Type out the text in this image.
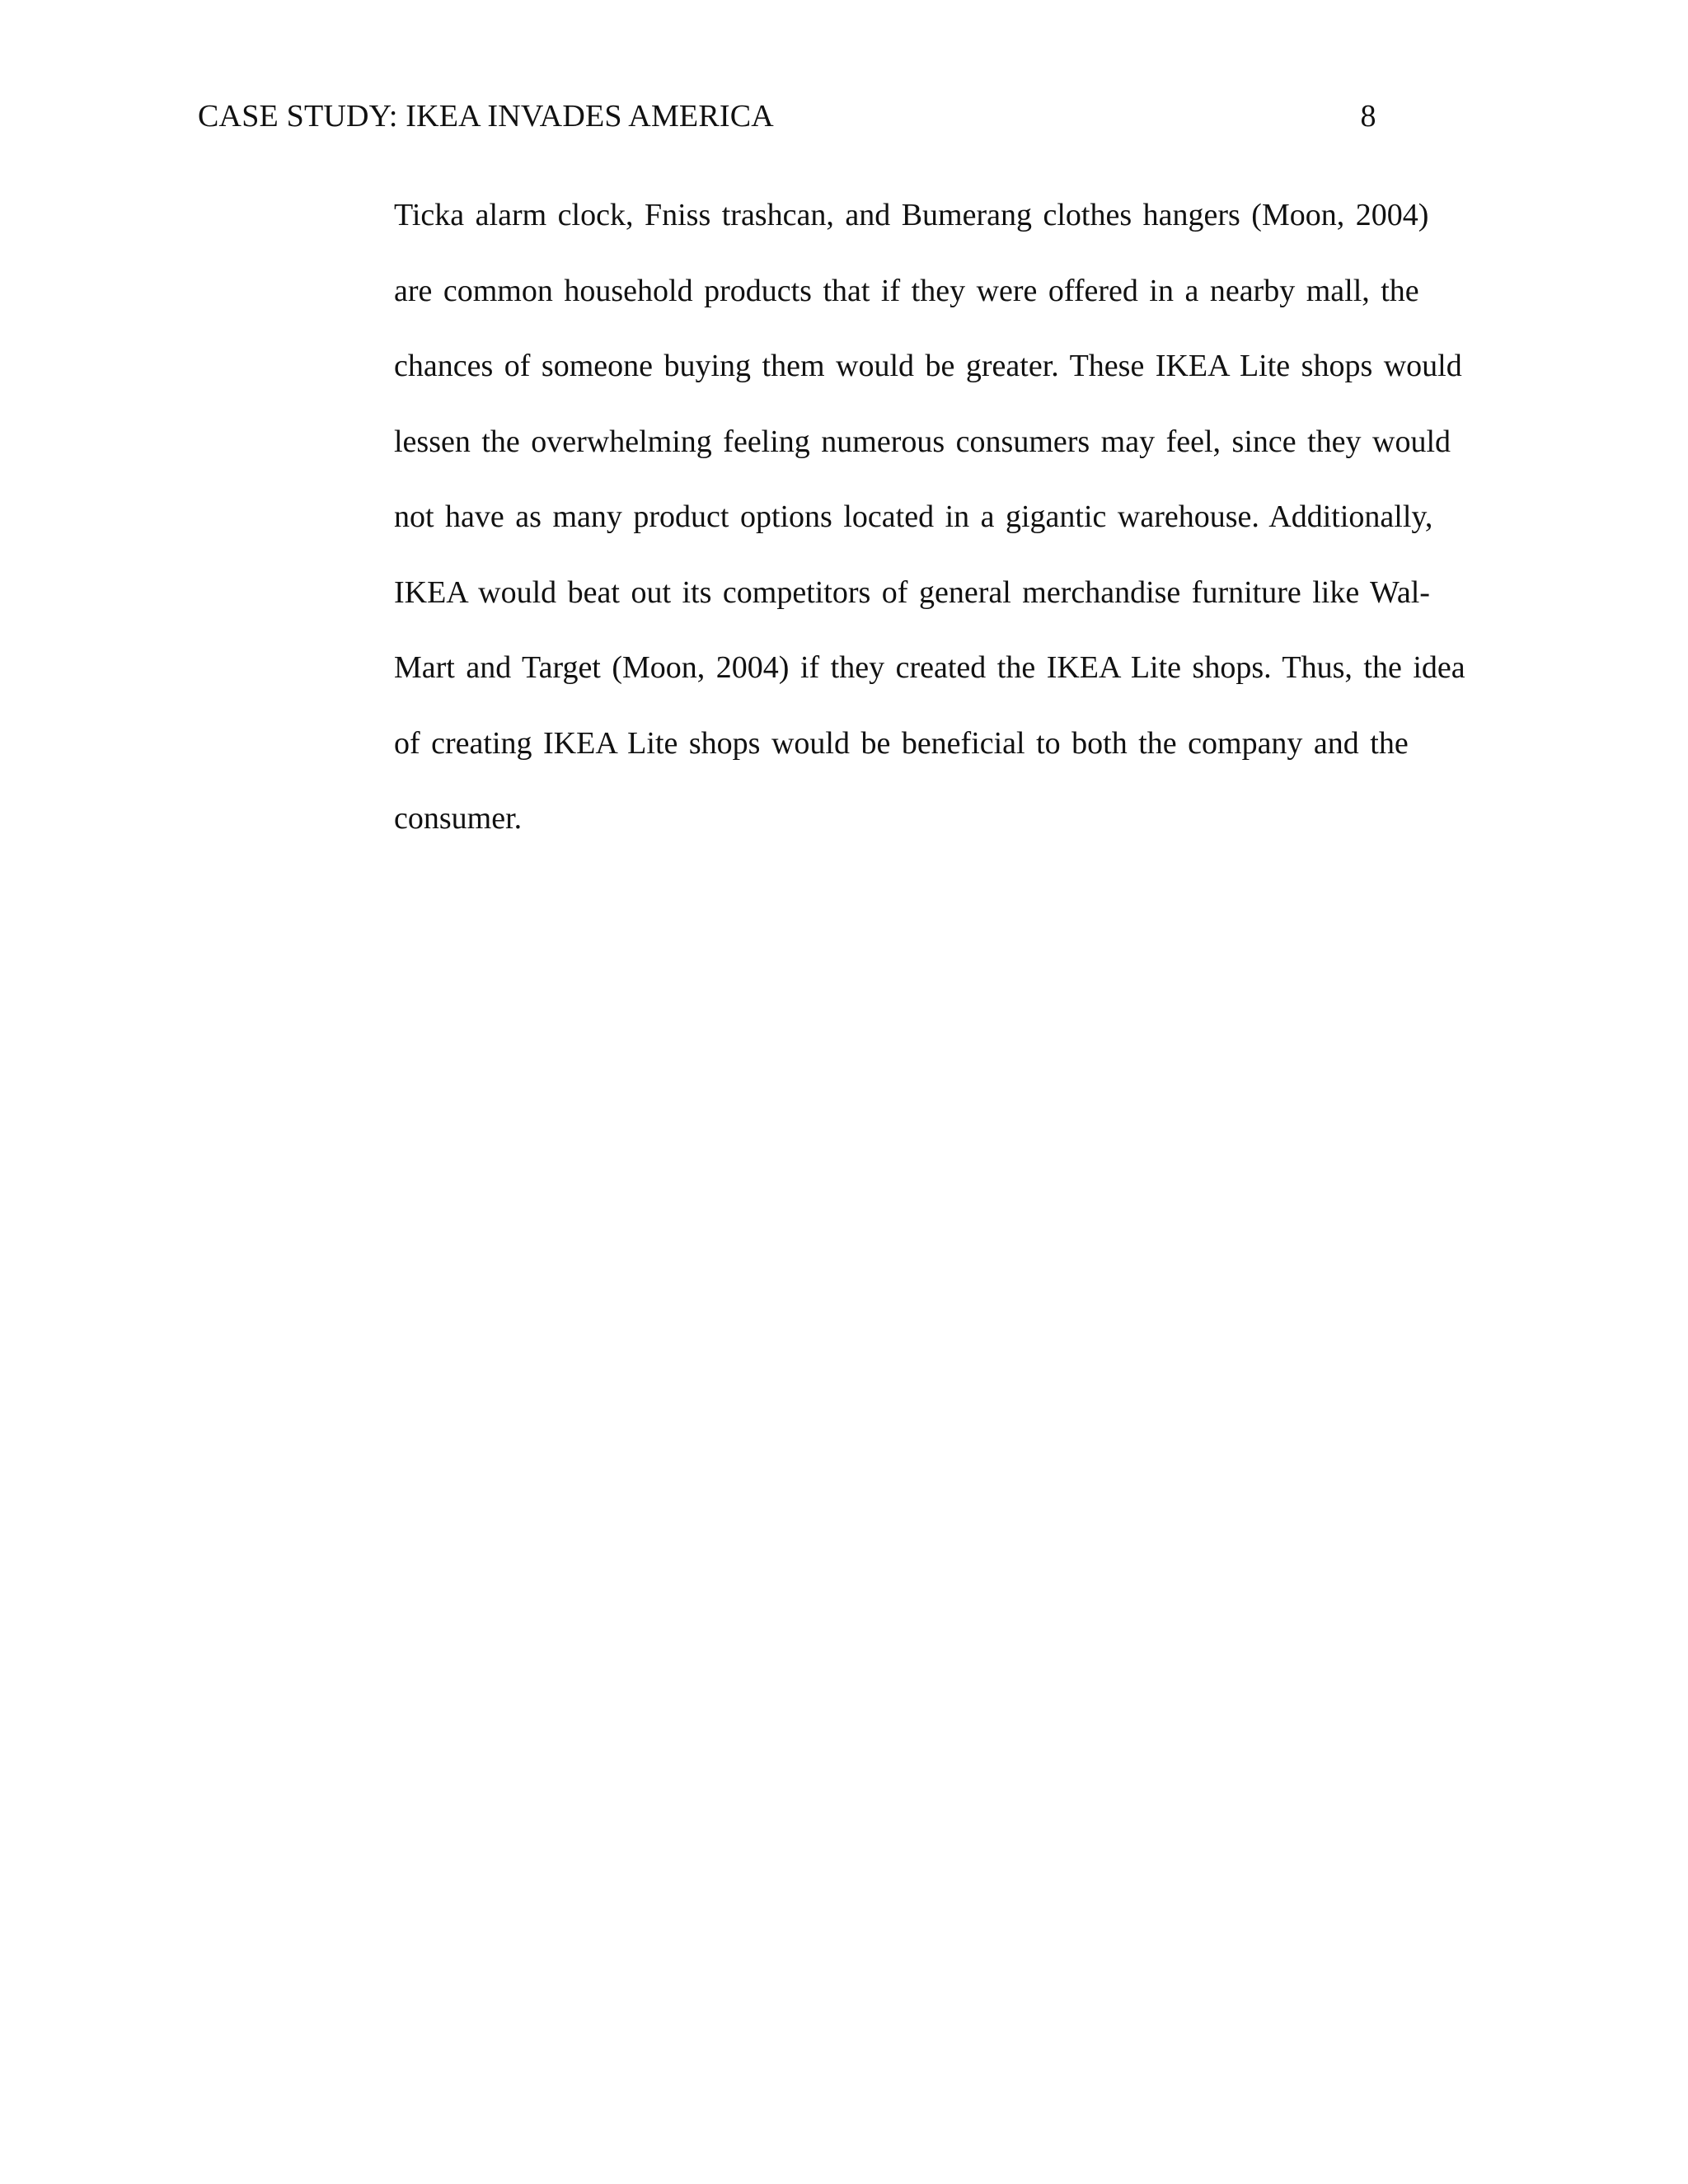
CASE STUDY: IKEA INVADES AMERICA	8
Ticka alarm clock, Fniss trashcan, and Bumerang clothes hangers (Moon, 2004)
are common household products that if they were offered in a nearby mall, the
chances of someone buying them would be greater. These IKEA Lite shops would
lessen the overwhelming feeling numerous consumers may feel, since they would
not have as many product options located in a gigantic warehouse. Additionally,
IKEA would beat out its competitors of general merchandise furniture like Wal-
Mart and Target (Moon, 2004) if they created the IKEA Lite shops. Thus, the idea
of creating IKEA Lite shops would be beneficial to both the company and the
consumer.
